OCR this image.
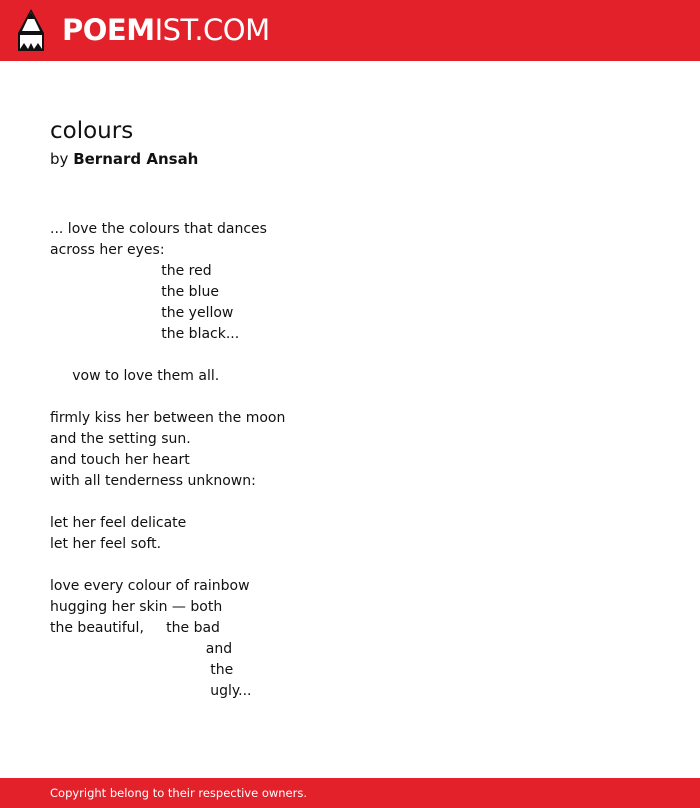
POEMIST.COM
colours
by Bernard Ansah
... love the colours that dances
across her eyes:
the red
the blue
the yellow
the black...
vow to love them all.
firmly kiss her between the moon
and the setting sun.
and touch her heart
with all tenderness unknown:
let her feel delicate
let her feel soft.
love every colour of rainbow
hugging her skin — both
the beautiful,     the bad
and
the
ugly...
Copyright belong to their respective owners.
